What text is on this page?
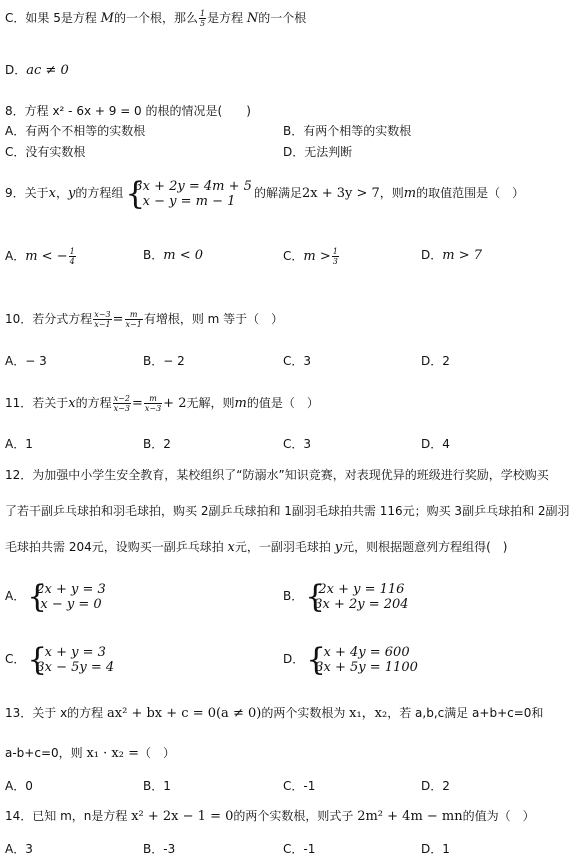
C．如果 5是方程 M的一个根，那么 $\frac{1}{5}$ 是方程 N的一个根
D．ac ≠ 0
8．方程 x² - 6x + 9 = 0 的根的情况是(　　)
A．有两个不相等的实数根	B．有两个相等的实数根
C．没有实数根	D．无法判断
9．关于x，y的方程组 {
3x + 2y = 4m + 5
x − y = m − 1
的解满足2x + 3y > 7，则m的取值范围是（　）
A．m < − $\frac{1}{4}$	B．m < 0	C．$m > \frac{1}{3}$	D．m > 7
10．若分式方程 $\frac{x-3}{x-1} = \frac{m}{x-1}$ 有增根，则 m 等于（　）
A．− 3	B．− 2	C．3	D．2
11．若关于x的方程 $\frac{x-2}{x-3} = \frac{m}{x-3} + 2$无解，则m的值是（　）
A．1	B．2	C．3	D．4
12．为加强中小学生安全教育，某校组织了“防溺水”知识竞赛，对表现优异的班级进行奖励，学校购买
了若干副乒乓球拍和羽毛球拍，购买 2副乒乓球拍和 1副羽毛球拍共需 116元；购买 3副乒乓球拍和 2副羽
毛球拍共需 204元，设购买一副乒乓球拍 x元，一副羽毛球拍 y元，则根据题意列方程组得(　)
A． {
2x + y = 3
x − y = 0
B． {
2x + y = 116
3x + 2y = 204
C． {
x + y = 3
3x − 5y = 4
D． {
x + 4y = 600
3x + 5y = 1100
13．关于 x的方程 ax² + bx + c = 0(a ≠ 0)的两个实数根为 x₁，x₂，若 a,b,c满足 a+b+c=0和
a-b+c=0，则 x₁ · x₂ =（　）
A．0	B．1	C．-1	D．2
14．已知 m，n是方程 x² + 2x − 1 = 0的两个实数根，则式子 2m² + 4m − mn的值为（　）
A．3	B．-3	C．-1	D．1
